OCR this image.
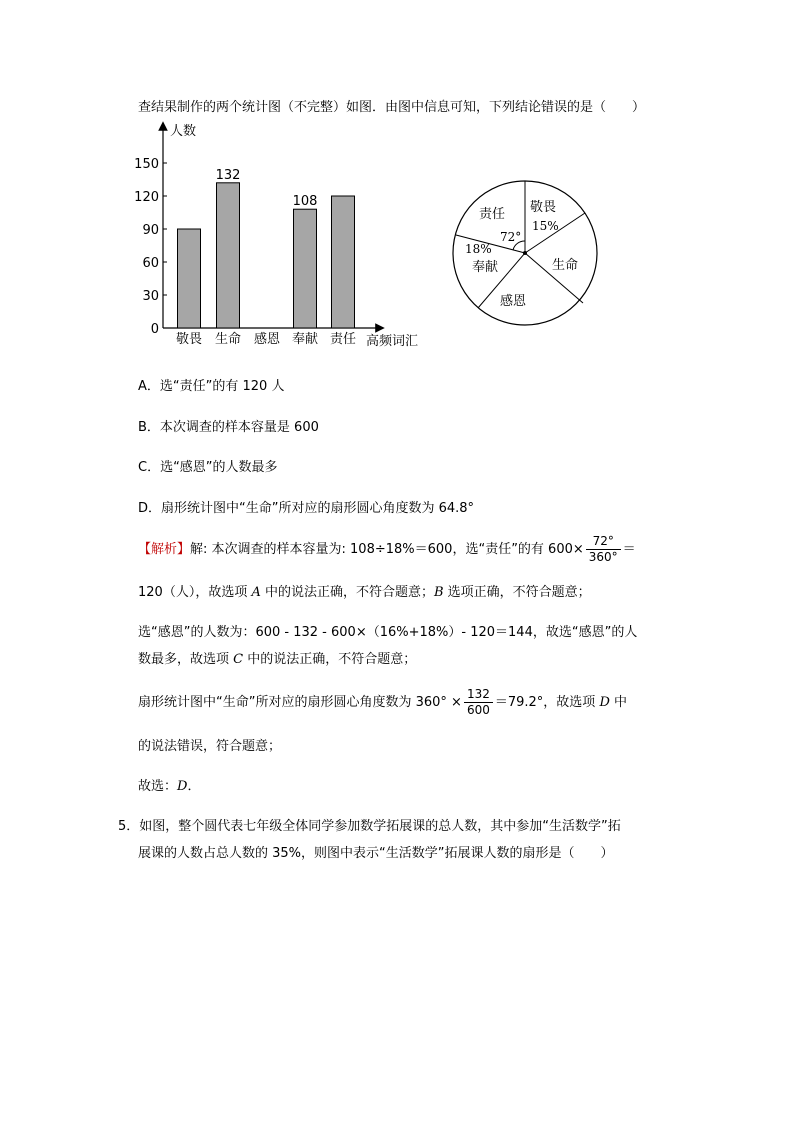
查结果制作的两个统计图（不完整）如图．由图中信息可知，下列结论错误的是（　　）
人数
150
120
90
60
30
0
132
108
敬畏 生命 感恩 奉献 责任 高频词汇
敬畏
15%
责任
72°
18%
奉献	生命
感恩
A．选“责任”的有 120 人
B．本次调查的样本容量是 600
C．选“感恩”的人数最多
D．扇形统计图中“生命”所对应的扇形圆心角度数为 64.8°
【解析】解: 本次调查的样本容量为: 108÷18%＝600，选“责任”的有 $600\times \frac{72^\circ}{360^\circ}$ ＝
120（人），故选项 A 中的说法正确，不符合题意；B 选项正确，不符合题意；
选“感恩”的人数为：600 - 132 - 600×（16%+18%）- 120＝144，故选“感恩”的人
数最多，故选项 C 中的说法正确，不符合题意；
扇形统计图中“生命”所对应的扇形圆心角度数为 $360^\circ \times \frac{132}{600} =79.2^\circ$，故选项 D 中
的说法错误，符合题意；
故选：D．
5．如图，整个圆代表七年级全体同学参加数学拓展课的总人数，其中参加“生活数学”拓
展课的人数占总人数的 35%，则图中表示“生活数学”拓展课人数的扇形是（　　）
